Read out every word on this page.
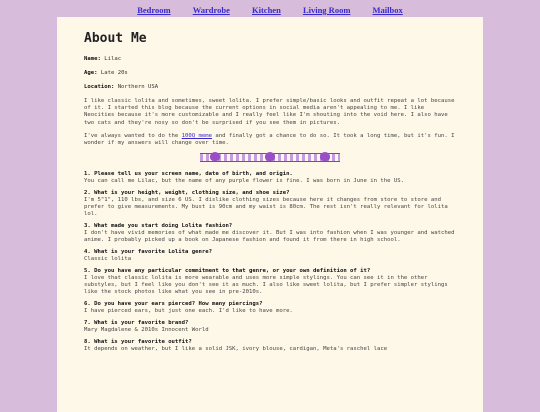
Bedroom	Wardrobe	Kitchen	Living Room	Mailbox
About Me
Name: Lilac
Age: Late 20s
Location: Northern USA

I like classic lolita and sometimes, sweet lolita. I prefer simple/basic looks and outfit repeat a lot because of it. I started this blog because the current options in social media aren't appealing to me. I like Neocities because it's more customizable and I really feel like I'm shouting into the void here. I also have two cats and they're nosy so don't be surprised if you see them in pictures.

I've always wanted to do the 100Q meme and finally got a chance to do so. It took a long time, but it's fun. I wonder if my answers will change over time.

1. Please tell us your screen name, date of birth, and origin.
You can call me Lilac, but the name of any purple flower is fine. I was born in June in the US.
2. What is your height, weight, clothing size, and shoe size?
I'm 5"1", 110 lbs, and size 6 US. I dislike clothing sizes because here it changes from store to store and prefer to give measurements. My bust is 90cm and my waist is 80cm. The rest isn't really relevant for lolita lol.
3. What made you start doing Lolita fashion?
I don't have vivid memories of what made me discover it. But I was into fashion when I was younger and watched anime. I probably picked up a book on Japanese fashion and found it from there in high school.
4. What is your favorite Lolita genre?
Classic lolita
5. Do you have any particular commitment to that genre, or your own definition of it?
I love that classic lolita is more wearable and uses more simple stylings. You can see it in the other substyles, but I feel like you don't see it as much. I also like sweet lolita, but I prefer simpler stylings like the stock photos like what you see in pre-2010s.
6. Do you have your ears pierced? How many piercings?
I have pierced ears, but just one each. I'd like to have more.
7. What is your favorite brand?
Mary Magdalene & 2010s Innocent World
8. What is your favorite outfit?
It depends on weather, but I like a solid JSK, ivory blouse, cardigan, Meta's raschel lace
